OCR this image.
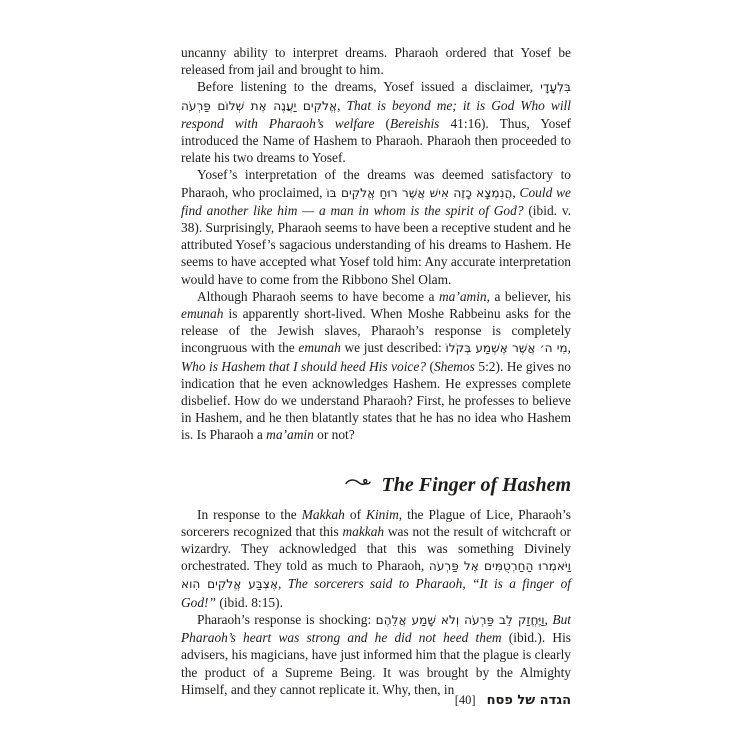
uncanny ability to interpret dreams. Pharaoh ordered that Yosef be released from jail and brought to him.

Before listening to the dreams, Yosef issued a disclaimer, בִּלְעָדָי אֱלֹקִים יַעֲנֶה אֶת שְׁלוֹם פַּרְעֹה, That is beyond me; it is God Who will respond with Pharaoh’s welfare (Bereishis 41:16). Thus, Yosef introduced the Name of Hashem to Pharaoh. Pharaoh then proceeded to relate his two dreams to Yosef.

Yosef’s interpretation of the dreams was deemed satisfactory to Pharaoh, who proclaimed, הֲנִמְצָא כָזֶה אִישׁ אֲשֶׁר רוּחַ אֱלֹקִים בּוֹ, Could we find another like him — a man in whom is the spirit of God? (ibid. v. 38). Surprisingly, Pharaoh seems to have been a receptive student and he attributed Yosef’s sagacious understanding of his dreams to Hashem. He seems to have accepted what Yosef told him: Any accurate interpretation would have to come from the Ribbono Shel Olam.

Although Pharaoh seems to have become a ma’amin, a believer, his emunah is apparently short-lived. When Moshe Rabbeinu asks for the release of the Jewish slaves, Pharaoh’s response is completely incongruous with the emunah we just described: מִי ה׳ אֲשֶׁר אֶשְׁמַע בְּקֹלוֹ, Who is Hashem that I should heed His voice? (Shemos 5:2). He gives no indication that he even acknowledges Hashem. He expresses complete disbelief. How do we understand Pharaoh? First, he professes to believe in Hashem, and he then blatantly states that he has no idea who Hashem is. Is Pharaoh a ma’amin or not?

The Finger of Hashem

In response to the Makkah of Kinim, the Plague of Lice, Pharaoh’s sorcerers recognized that this makkah was not the result of witchcraft or wizardry. They acknowledged that this was something Divinely orchestrated. They told as much to Pharaoh, וַיֹּאמְרוּ הַחַרְטֻמִּים אֶל פַּרְעֹה אֶצְבַּע אֱלֹקִים הִוא, The sorcerers said to Pharaoh, “It is a finger of God!” (ibid. 8:15).

Pharaoh’s response is shocking: וַיֶּחֱזַק לֵב פַּרְעֹה וְלֹא שָׁמַע אֲלֵהֶם, But Pharaoh’s heart was strong and he did not heed them (ibid.). His advisers, his magicians, have just informed him that the plague is clearly the product of a Supreme Being. It was brought by the Almighty Himself, and they cannot replicate it. Why, then, in

הגדה של פסח [40]
